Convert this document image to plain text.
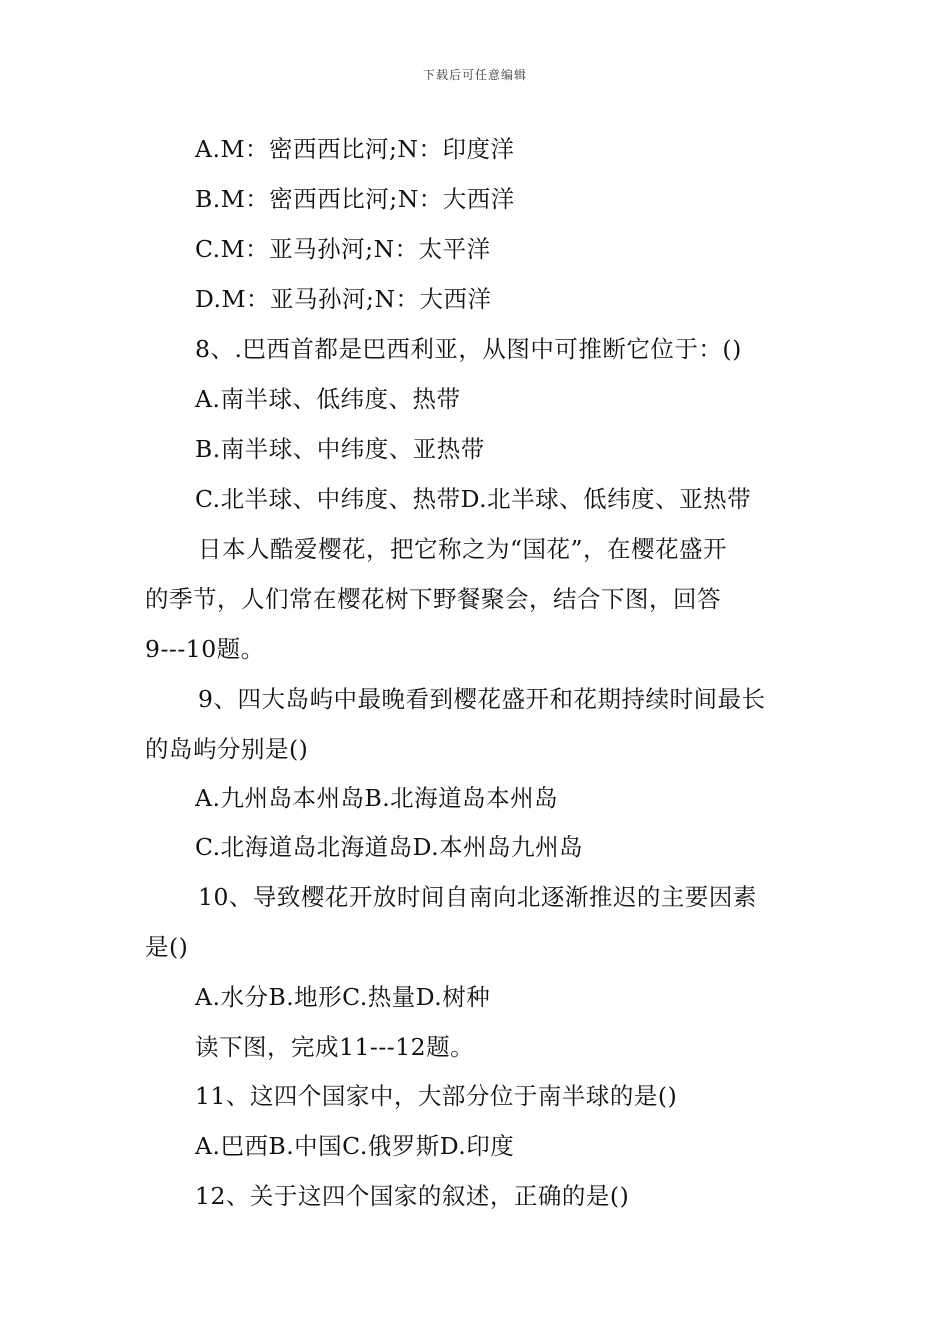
下载后可任意编辑
A.M：密西西比河;N：印度洋
B.M：密西西比河;N：大西洋
C.M：亚马孙河;N：太平洋
D.M：亚马孙河;N：大西洋
8、.巴西首都是巴西利亚，从图中可推断它位于：()
A.南半球、低纬度、热带
B.南半球、中纬度、亚热带
C.北半球、中纬度、热带D.北半球、低纬度、亚热带
日本人酷爱樱花，把它称之为“国花”，在樱花盛开
的季节，人们常在樱花树下野餐聚会，结合下图，回答
9---10题。
9、四大岛屿中最晚看到樱花盛开和花期持续时间最长
的岛屿分别是()
A.九州岛本州岛B.北海道岛本州岛
C.北海道岛北海道岛D.本州岛九州岛
10、导致樱花开放时间自南向北逐渐推迟的主要因素
是()
A.水分B.地形C.热量D.树种
读下图，完成11---12题。
11、这四个国家中，大部分位于南半球的是()
A.巴西B.中国C.俄罗斯D.印度
12、关于这四个国家的叙述，正确的是()
